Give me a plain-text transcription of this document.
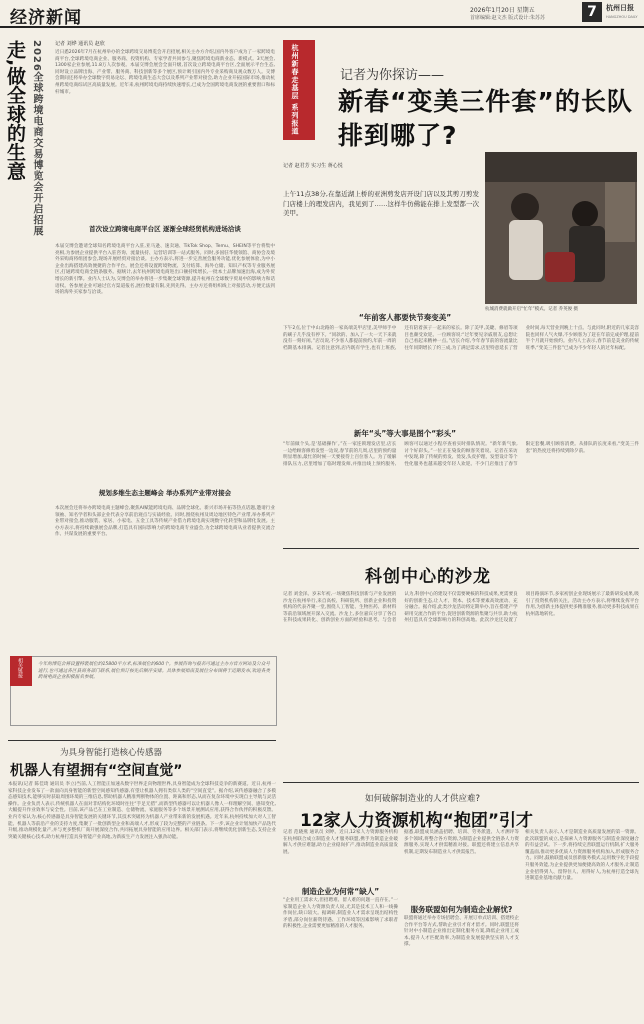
经济新闻	2026年1月20日 星期五
首席编辑:赵文杰 版式设计:朱苏苏	7	杭州日报
HANGZHOU DAILY
走,做全球的生意 2026全球跨境电商交易博览会开启招展	记者 刘烨 通讯员 赵欣
近日悉2026年7月在杭州举办的全球跨境交易博览会开启招展,相关主办方介绍,国内外客户成为了一家跨境电商平台,全球跨境电商企业、服务商、投资机构、专家学者共同参与,聚焦跨境电商新业态、新模式。3天展会,1300家企业参展,11.8万人次参观。本届交博会展会全面升级,首次设立跨境电商平台区,全面展示平台生态,同时设立品牌出海、产业带、服务商、科技创新等多个展区,预计吸引国内外专业采购商及观众数万人。交博会期间还将举办全球数字贸易论坛、跨境电商生态大会以及系列产业带对接会,助力企业开拓国际市场,推动杭州跨境电商综试区高质量发展。近年来,杭州跨境电商持续快速增长,已成为全国跨境电商发展的重要窗口和标杆城市。
首次设立跨境电商平台区 逐渐全球经贸机构进场洽谈
本届交博会邀请全球知名跨境电商平台入驻,亚马逊、速卖通、TikTok Shop、Temu、SHEIN等平台将集中亮相,为参展企业提供平台入驻咨询、流量扶持、运营培训等一站式服务。同时,多国驻华使领馆、商协会及境外采购商将组团参会,现场开展经贸对接洽谈。主办方表示,将进一步完善展会服务功能,优化参展体验,为中小企业出海搭建高效便捷的合作平台。展会还将设置跨境物流、支付结算、海外仓储、知识产权等专业服务展区,打通跨境电商全链条服务。据统计,去年杭州跨境电商进出口额持续增长,一批本土品牌加速出海,成为外贸增长的新引擎。业内人士认为,交博会的举办将进一步集聚全球资源,提升杭州在全球数字贸易中的影响力和话语权。各参展企业可通过官方渠道报名,展位数量有限,先到先得。主办方还将组织线上对接活动,方便无法到场的海外买家参与洽谈。
规划多维生态主题峰会 举办系列产业带对接会
本次展会还将举办跨境电商主题峰会,聚焦AI赋能跨境电商、品牌全球化、新兴市场开拓等热点话题,邀请行业领袖、知名学者和头部企业代表分享前沿观点与实战经验。同时,围绕杭州及周边地区特色产业带,举办系列产业带对接会,推动服装、家居、小家电、五金工具等传统产业借力跨境电商实现数字化转型和品牌化发展。主办方表示,将持续做强展会品牌,打造具有国际影响力的跨境电商专业盛会,为全球跨境电商从业者提供交流合作、共谋发展的重要平台。
相关链接	今年的博览会将设置特装展位约15800平方米,标准展位约600个。参展咨询与报名可通过主办方官方网站及公众号进行,也可通过各区县商务部门联系,展位预订按先后顺序安排。具体参展指南及展位分布图将于近期发布,欢迎各类跨境电商企业积极报名参展。
杭州新春走基层 系列报道	记者为你探访——
新春“变美三件套”的长队
排到哪了?
记者 赵君芳 实习生 蒋心悦
上午11点38分,在靠近湖上桥的亚洲剪发店开设门店以及其剪刀剪发门店楼上的理发店内，我见到了……这样牛仿佛能在排上发型都一次美甲。
杭城消费就做开启“忙年”模式。记者 乔英俊 摄
“年前客人都要快节奏变美”
下午2点,位于中山北路的一家高端美甲店里,美甲师手中的刷子几乎没有停下。“同款的、加入了一大一天下来就没有一刻好闲。”店员说,不少客人都提前预约,年前一周的档期基本排满。记者注意到,店内既有学生,也有上班族,还有陪着孩子一起来的家长。除了美甲,美睫、修眉等项目也颇受欢迎。一位顾客说:“过年要见亲戚朋友,总想让自己看起来精神一点。”店长介绍,今年春节前的客流量比往年同期增长了约三成,为了满足需求,店里特意延长了营业时间,每天营业到晚上十点。与此同时,附近的几家美容院也同样人气火爆,不少顾客为了赶在年前完成护理,提前半个月就开始预约。业内人士表示,春节前是美业的传统旺季,“变美三件套”已成为不少年轻人的过年标配。
新年“头”等大事是图个“彩头”
“年前做个头,是‘基础操作’。”在一家连锁理发店里,店长一边给顾客修剪发型一边说,春节前的几周,店里的预约量明显增加,最忙的时候一天要接待上百位客人。为了缓解排队压力,店里增加了临时理发师,并推出线上预约服务,顾客可以通过小程序查看实时排队情况。“新年新气象,讨个好彩头。”一位正在染发的顾客笑着说。记者在采访中发现,除了传统的剪发、烫发,头皮护理、发型设计等个性化服务也越来越受年轻人欢迎。不少门店推出了春节限定套餐,吸引顾客消费。从排队的长度来看,“变美三件套”的热度还将持续到除夕前。
科创中心的沙龙
记者 刘金泽。岁末年初,一场聚焦科技创新与产业发展的沙龙在杭州举行,来自高校、科研院所、创新企业和投资机构的代表齐聚一堂,围绕人工智能、生物医药、新材料等前沿领域展开深入交流。沙龙上,多位嘉宾分享了各自在科技成果转化、创新创业方面的经验和思考。与会者认为,科创中心的建设不仅需要硬核的科技成果,更需要良好的创新生态,让人才、资本、技术等要素高效流动、充分融合。据介绍,此类沙龙活动将定期举办,旨在搭建产学研用交流合作的平台,促进创新资源的集聚与共享,助力杭州打造具有全球影响力的科创高地。此次沙龙还设置了项目路演环节,多家初创企业现场展示了最新研发成果,吸引了投资机构的关注。活动主办方表示,将继续发挥平台作用,为创新主体提供更多精准服务,推动更多科技成果在杭州落地转化。
为具身智能打造核心传感器
机器人有望拥有“空间直觉”
本报讯(记者 陈佳琦 通讯员 李立)当前,人工智能正加速从数字世界走向物理世界,具身智能成为全球科技竞争的新赛道。近日,杭州一家科技企业发布了一款面向具身智能的新型空间感知传感器,有望让机器人拥有类似人类的“空间直觉”。据介绍,该传感器融合了多模态感知技术,能够实时获取周围环境的三维信息,帮助机器人精准判断物体的位置、距离和形态,从而在复杂环境中实现自主导航与灵活操作。企业负责人表示,传统机器人在面对非结构化环境时往往“手足无措”,而新型传感器可以让机器人像人一样理解空间、感知变化,大幅提升作业效率与安全性。目前,该产品已在工业制造、仓储物流、家庭服务等多个场景开展测试应用,获得合作伙伴的积极反馈。业内专家认为,核心传感器是具身智能发展的关键环节,其技术突破将为机器人产业带来新的发展机遇。近年来,杭州持续加大对人工智能、机器人等前沿产业的支持力度,集聚了一批创新型企业和高端人才,形成了较为完整的产业链条。下一步,该企业计划加快产品迭代升级,推动规模化量产,并与更多整机厂商开展深度合作,共同拓展具身智能的应用边界。相关部门表示,将继续优化创新生态,支持企业突破关键核心技术,助力杭州打造具身智能产业高地,为新质生产力发展注入强劲动能。
如何破解制造业的人才供应难?
12家人力资源机构“抱团”引才
记者 范晓燕 通讯员 刘婷。近日,12家人力资源服务机构在杭州联合成立制造业人才服务联盟,携手为制造企业破解人才供应难题,助力企业稳岗扩产,推动制造业高质量发展。
制造企业为何常“缺人”
“企业用工需求大,但招聘难、留人难的问题一直存在。”一家制造企业人力资源负责人说,尤其是技术工人和一线操作岗位,缺口较大。据调研,制造业人才需求呈现出结构性矛盾,部分岗位薪资待遇、工作环境等因素影响了求职者的积极性,企业需要更加精准的人才服务。
据悉,联盟成员涵盖招聘、培训、劳务派遣、人才测评等多个领域,将整合各方资源,为制造企业提供全链条人力资源服务,实现人才供需精准对接。联盟还将建立信息共享机制,定期发布制造业人才供需报告。
服务联盟如何为制造企业解忧?
联盟将通过举办专场招聘会、开展订单式培训、搭建校企合作平台等方式,帮助企业引才育才留才。同时,联盟还将针对中小制造企业推出定制化服务方案,降低企业用工成本,提升人才匹配效率,为制造业发展提供坚实的人才支撑。
相关负责人表示,人才是制造业高质量发展的第一资源。此次联盟的成立,是探索人力资源服务与制造业深度融合的有益尝试。下一步,将持续完善联盟运行机制,扩大服务覆盖面,推动更多优质人力资源服务机构加入,形成服务合力。同时,鼓励联盟成员创新服务模式,运用数字化手段提升服务效能,为企业提供更加便捷高效的人才服务,让制造企业招得到人、留得住人、用得好人,为杭州打造全球先进制造业基地贡献力量。
